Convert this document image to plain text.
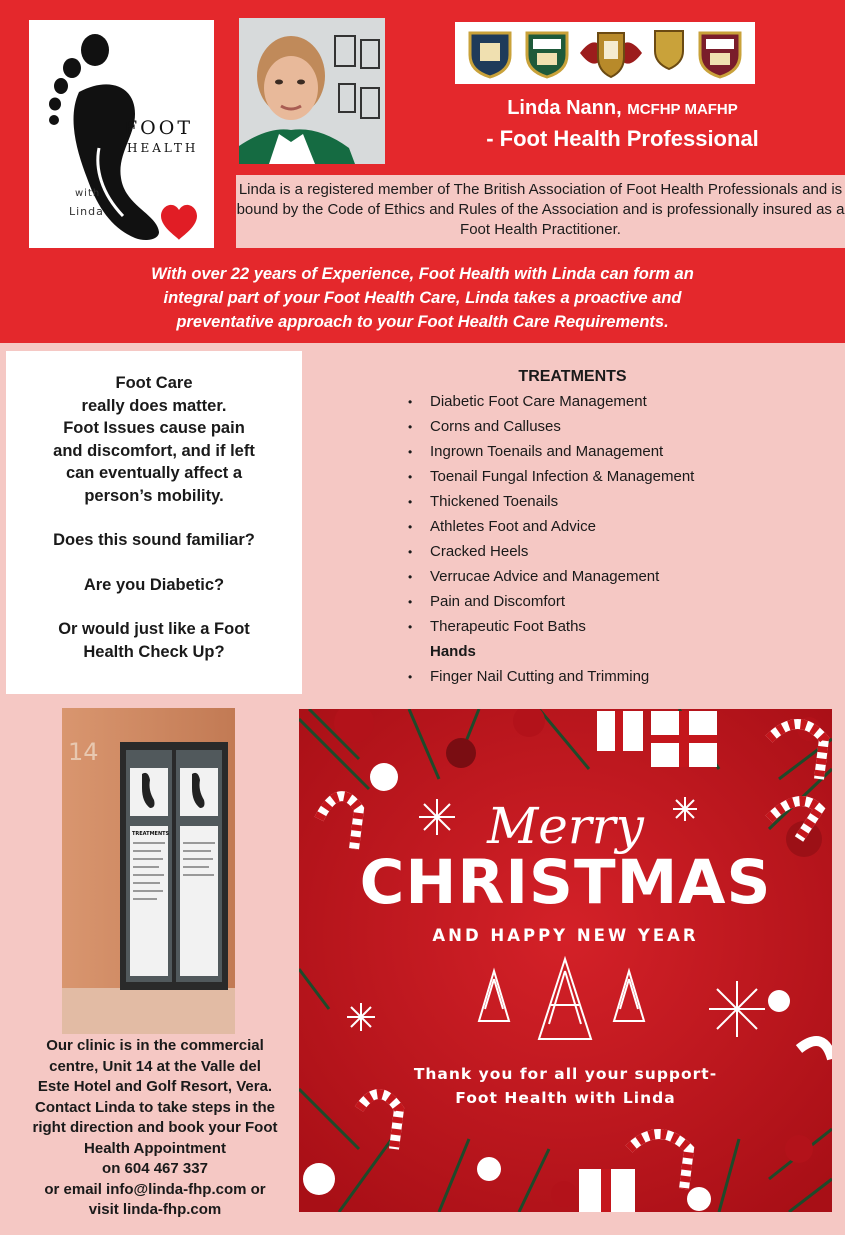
FOOT
HEALTH
with
Linda
Linda Nann, MCFHP MAFHP
- Foot Health Professional
Linda is a registered member of The British Association of Foot Health Professionals and is bound by the Code of Ethics and Rules of the Association and is professionally insured as a Foot Health Practitioner.
With over 22 years of Experience, Foot Health with Linda can form an
integral part of your Foot Health Care, Linda takes a proactive and
preventative approach to your Foot Health Care Requirements.

Foot Care

really does matter.

Foot Issues cause pain

and discomfort, and if left

can eventually affect a

person’s mobility.

Does this sound familiar?

Are you Diabetic?

Or would just like a Foot

Health Check Up?

TREATMENTS
• Diabetic Foot Care Management
• Corns and Calluses
• Ingrown Toenails and Management
• Toenail Fungal Infection & Management
• Thickened Toenails
• Athletes Foot and Advice
• Cracked Heels
• Verrucae Advice and Management
• Pain and Discomfort
• Therapeutic Foot Baths
Hands
• Finger Nail Cutting and Trimming
14
TREATMENTS
Our clinic is in the commercial
centre, Unit 14 at the Valle del
Este Hotel and Golf Resort, Vera.
Contact Linda to take steps in the
right direction and book your Foot
Health Appointment
on 604 467 337
or email info@linda-fhp.com or
visit linda-fhp.com
Merry
CHRISTMAS
AND HAPPY NEW YEAR
Thank you for all your support-
Foot Health with Linda
